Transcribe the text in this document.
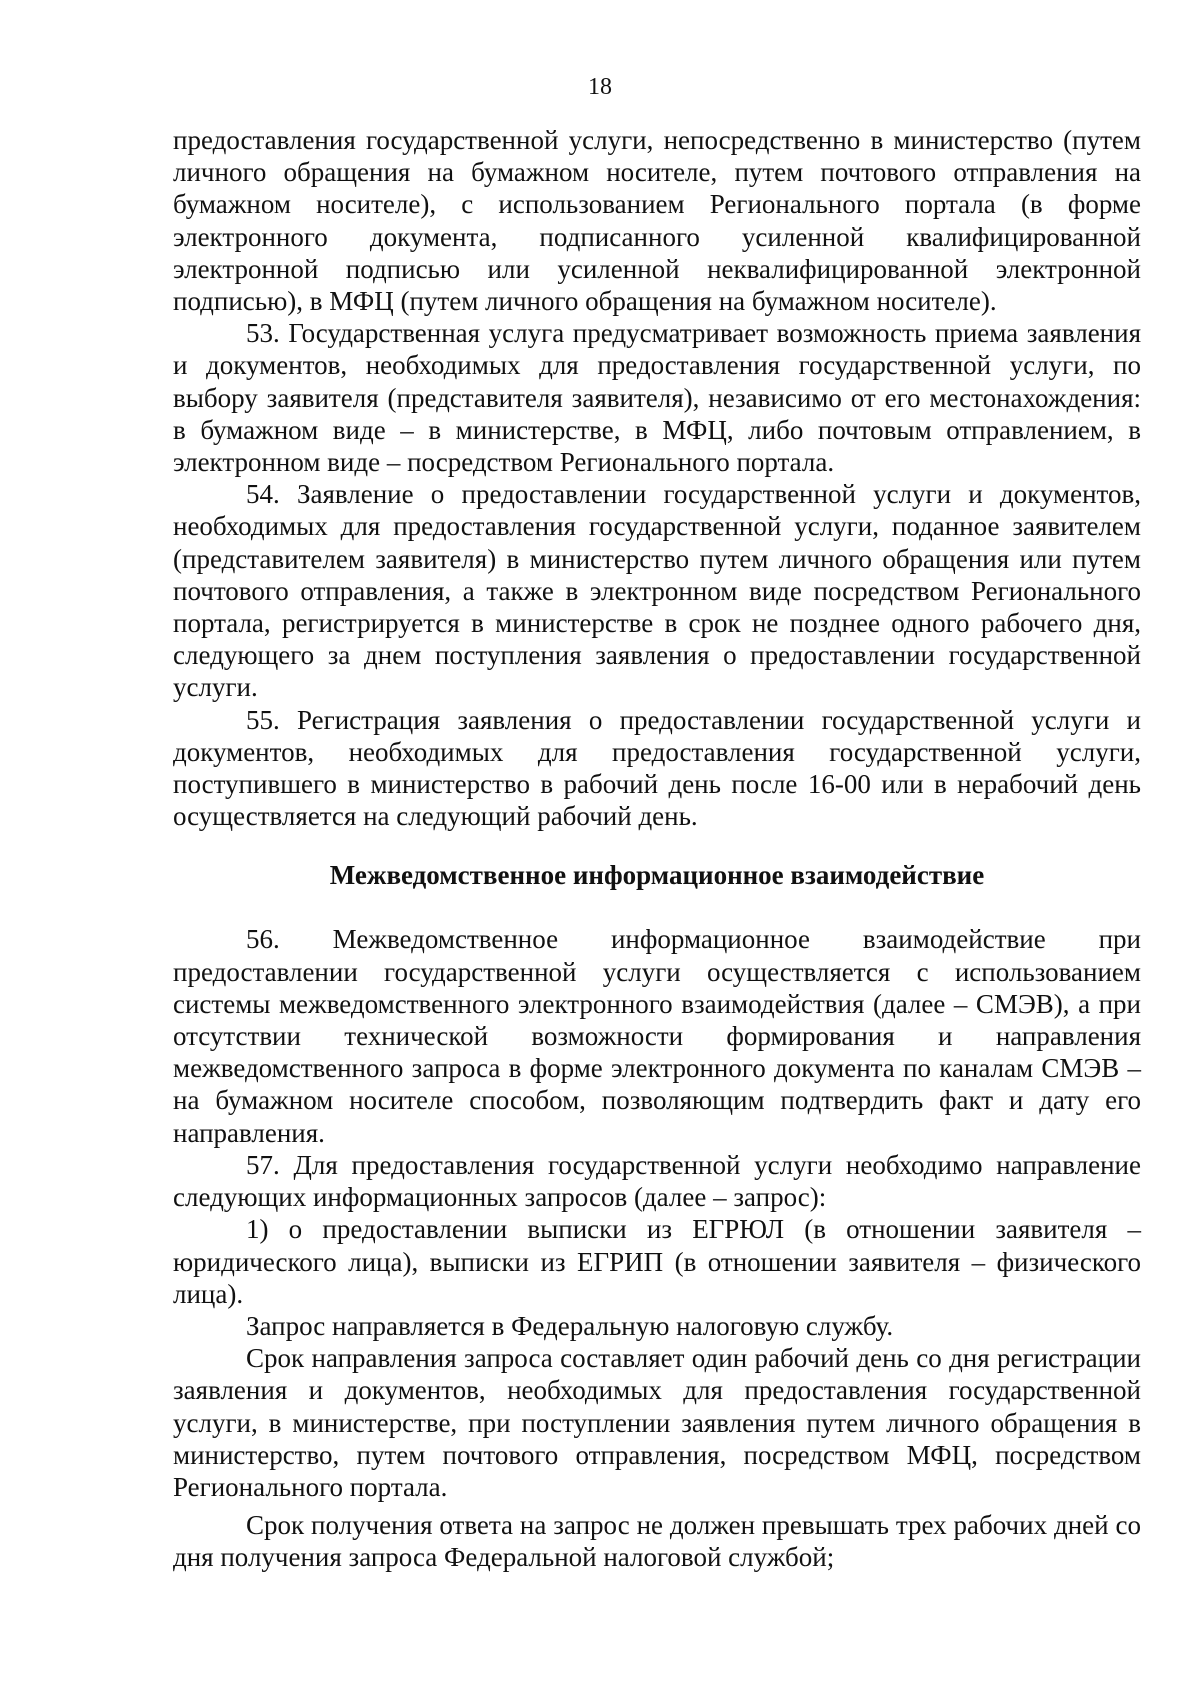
18

предоставления государственной услуги, непосредственно в министерство (путем личного обращения на бумажном носителе, путем почтового отправления на бумажном носителе), с использованием Регионального портала (в форме электронного документа, подписанного усиленной квалифицированной электронной подписью или усиленной неквалифицированной электронной подписью), в МФЦ (путем личного обращения на бумажном носителе).

53. Государственная услуга предусматривает возможность приема заявления и документов, необходимых для предоставления государственной услуги, по выбору заявителя (представителя заявителя), независимо от его местонахождения: в бумажном виде – в министерстве, в МФЦ, либо почтовым отправлением, в электронном виде – посредством Регионального портала.

54. Заявление о предоставлении государственной услуги и документов, необходимых для предоставления государственной услуги, поданное заявителем (представителем заявителя) в министерство путем личного обращения или путем почтового отправления, а также в электронном виде посредством Регионального портала, регистрируется в министерстве в срок не позднее одного рабочего дня, следующего за днем поступления заявления о предоставлении государственной услуги.

55. Регистрация заявления о предоставлении государственной услуги и документов, необходимых для предоставления государственной услуги, поступившего в министерство в рабочий день после 16-00 или в нерабочий день осуществляется на следующий рабочий день.

Межведомственное информационное взаимодействие

56. Межведомственное информационное взаимодействие при предоставлении государственной услуги осуществляется с использованием системы межведомственного электронного взаимодействия (далее – СМЭВ), а при отсутствии технической возможности формирования и направления межведомственного запроса в форме электронного документа по каналам СМЭВ – на бумажном носителе способом, позволяющим подтвердить факт и дату его направления.

57. Для предоставления государственной услуги необходимо направление следующих информационных запросов (далее – запрос):

1) о предоставлении выписки из ЕГРЮЛ (в отношении заявителя – юридического лица), выписки из ЕГРИП (в отношении заявителя – физического лица).

Запрос направляется в Федеральную налоговую службу.

Срок направления запроса составляет один рабочий день со дня регистрации заявления и документов, необходимых для предоставления государственной услуги, в министерстве, при поступлении заявления путем личного обращения в министерство, путем почтового отправления, посредством МФЦ, посредством Регионального портала.

Срок получения ответа на запрос не должен превышать трех рабочих дней со дня получения запроса Федеральной налоговой службой;
